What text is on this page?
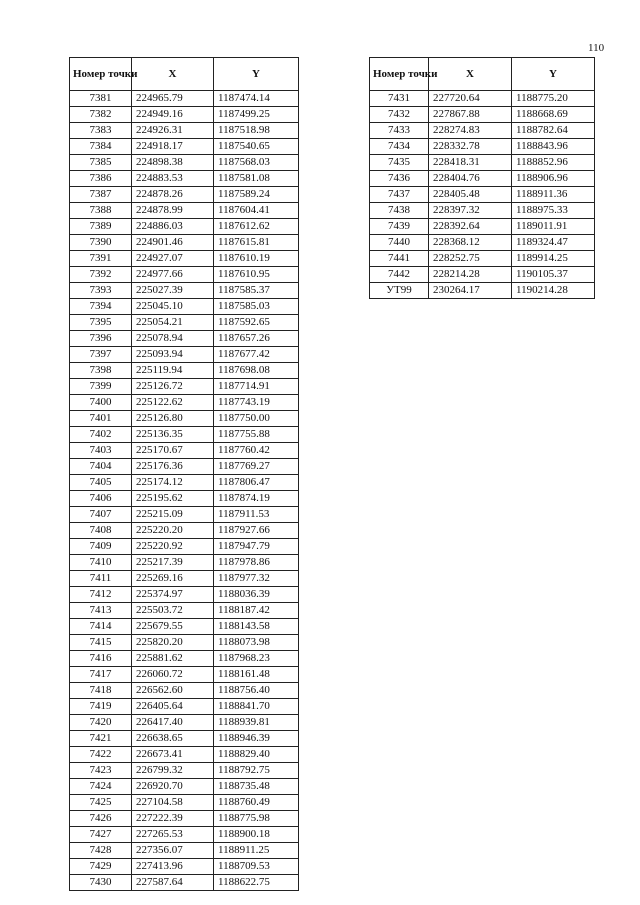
110
Номер точки	X	Y
7381	224965.79	1187474.14
7382	224949.16	1187499.25
7383	224926.31	1187518.98
7384	224918.17	1187540.65
7385	224898.38	1187568.03
7386	224883.53	1187581.08
7387	224878.26	1187589.24
7388	224878.99	1187604.41
7389	224886.03	1187612.62
7390	224901.46	1187615.81
7391	224927.07	1187610.19
7392	224977.66	1187610.95
7393	225027.39	1187585.37
7394	225045.10	1187585.03
7395	225054.21	1187592.65
7396	225078.94	1187657.26
7397	225093.94	1187677.42
7398	225119.94	1187698.08
7399	225126.72	1187714.91
7400	225122.62	1187743.19
7401	225126.80	1187750.00
7402	225136.35	1187755.88
7403	225170.67	1187760.42
7404	225176.36	1187769.27
7405	225174.12	1187806.47
7406	225195.62	1187874.19
7407	225215.09	1187911.53
7408	225220.20	1187927.66
7409	225220.92	1187947.79
7410	225217.39	1187978.86
7411	225269.16	1187977.32
7412	225374.97	1188036.39
7413	225503.72	1188187.42
7414	225679.55	1188143.58
7415	225820.20	1188073.98
7416	225881.62	1187968.23
7417	226060.72	1188161.48
7418	226562.60	1188756.40
7419	226405.64	1188841.70
7420	226417.40	1188939.81
7421	226638.65	1188946.39
7422	226673.41	1188829.40
7423	226799.32	1188792.75
7424	226920.70	1188735.48
7425	227104.58	1188760.49
7426	227222.39	1188775.98
7427	227265.53	1188900.18
7428	227356.07	1188911.25
7429	227413.96	1188709.53
7430	227587.64	1188622.75
Номер точки	X	Y
7431	227720.64	1188775.20
7432	227867.88	1188668.69
7433	228274.83	1188782.64
7434	228332.78	1188843.96
7435	228418.31	1188852.96
7436	228404.76	1188906.96
7437	228405.48	1188911.36
7438	228397.32	1188975.33
7439	228392.64	1189011.91
7440	228368.12	1189324.47
7441	228252.75	1189914.25
7442	228214.28	1190105.37
УТ99	230264.17	1190214.28
